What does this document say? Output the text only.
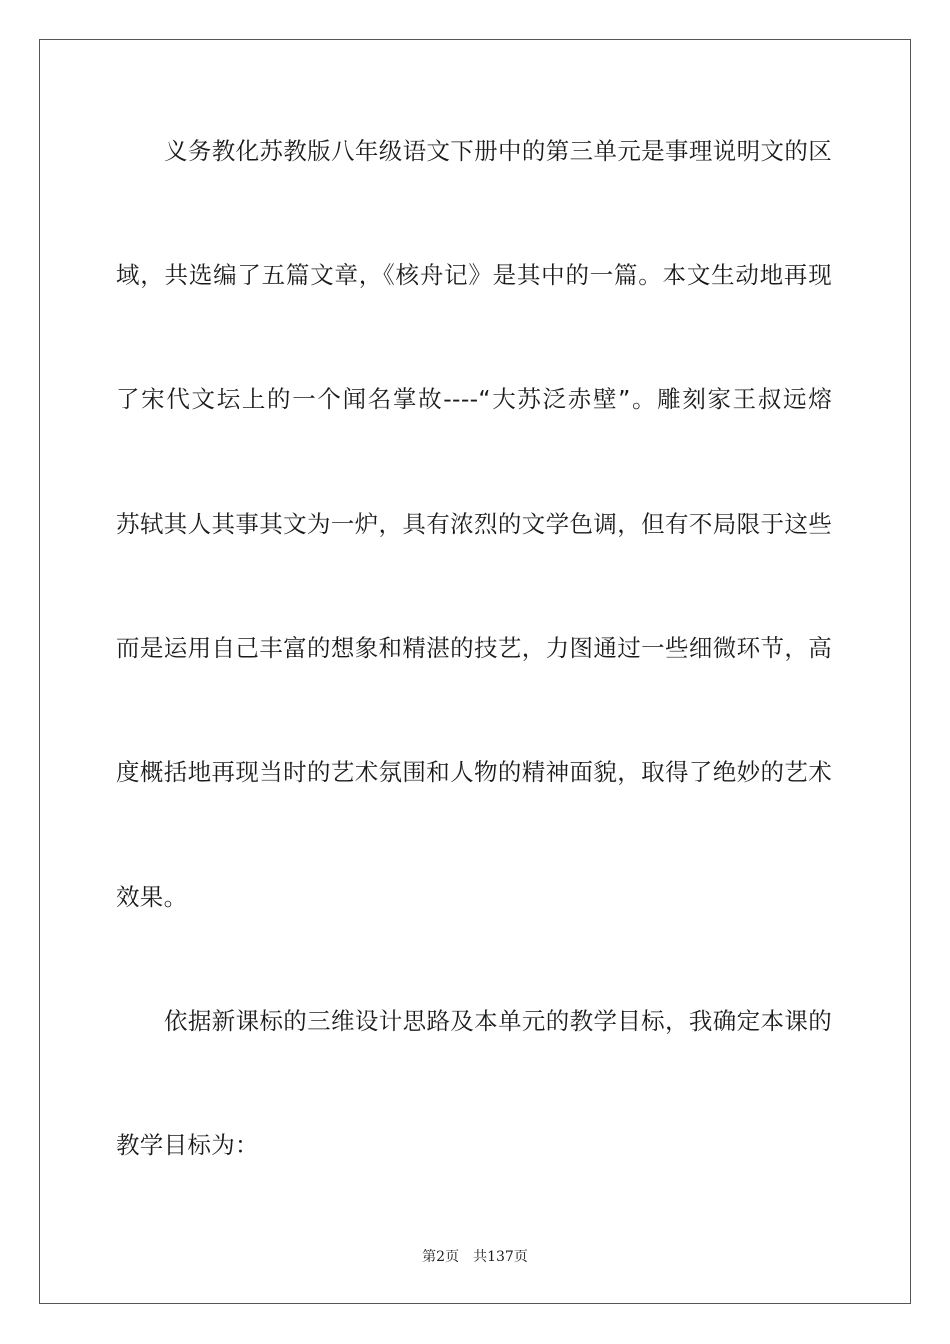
义务教化苏教版八年级语文下册中的第三单元是事理说明文的区
域，共选编了五篇文章，《核舟记》是其中的一篇。本文生动地再现
了宋代文坛上的一个闻名掌故----“大苏泛赤壁”。雕刻家王叔远熔
苏轼其人其事其文为一炉，具有浓烈的文学色调，但有不局限于这些
而是运用自己丰富的想象和精湛的技艺，力图通过一些细微环节，高
度概括地再现当时的艺术氛围和人物的精神面貌，取得了绝妙的艺术
效果。
依据新课标的三维设计思路及本单元的教学目标，我确定本课的
教学目标为：
第2页 共137页
